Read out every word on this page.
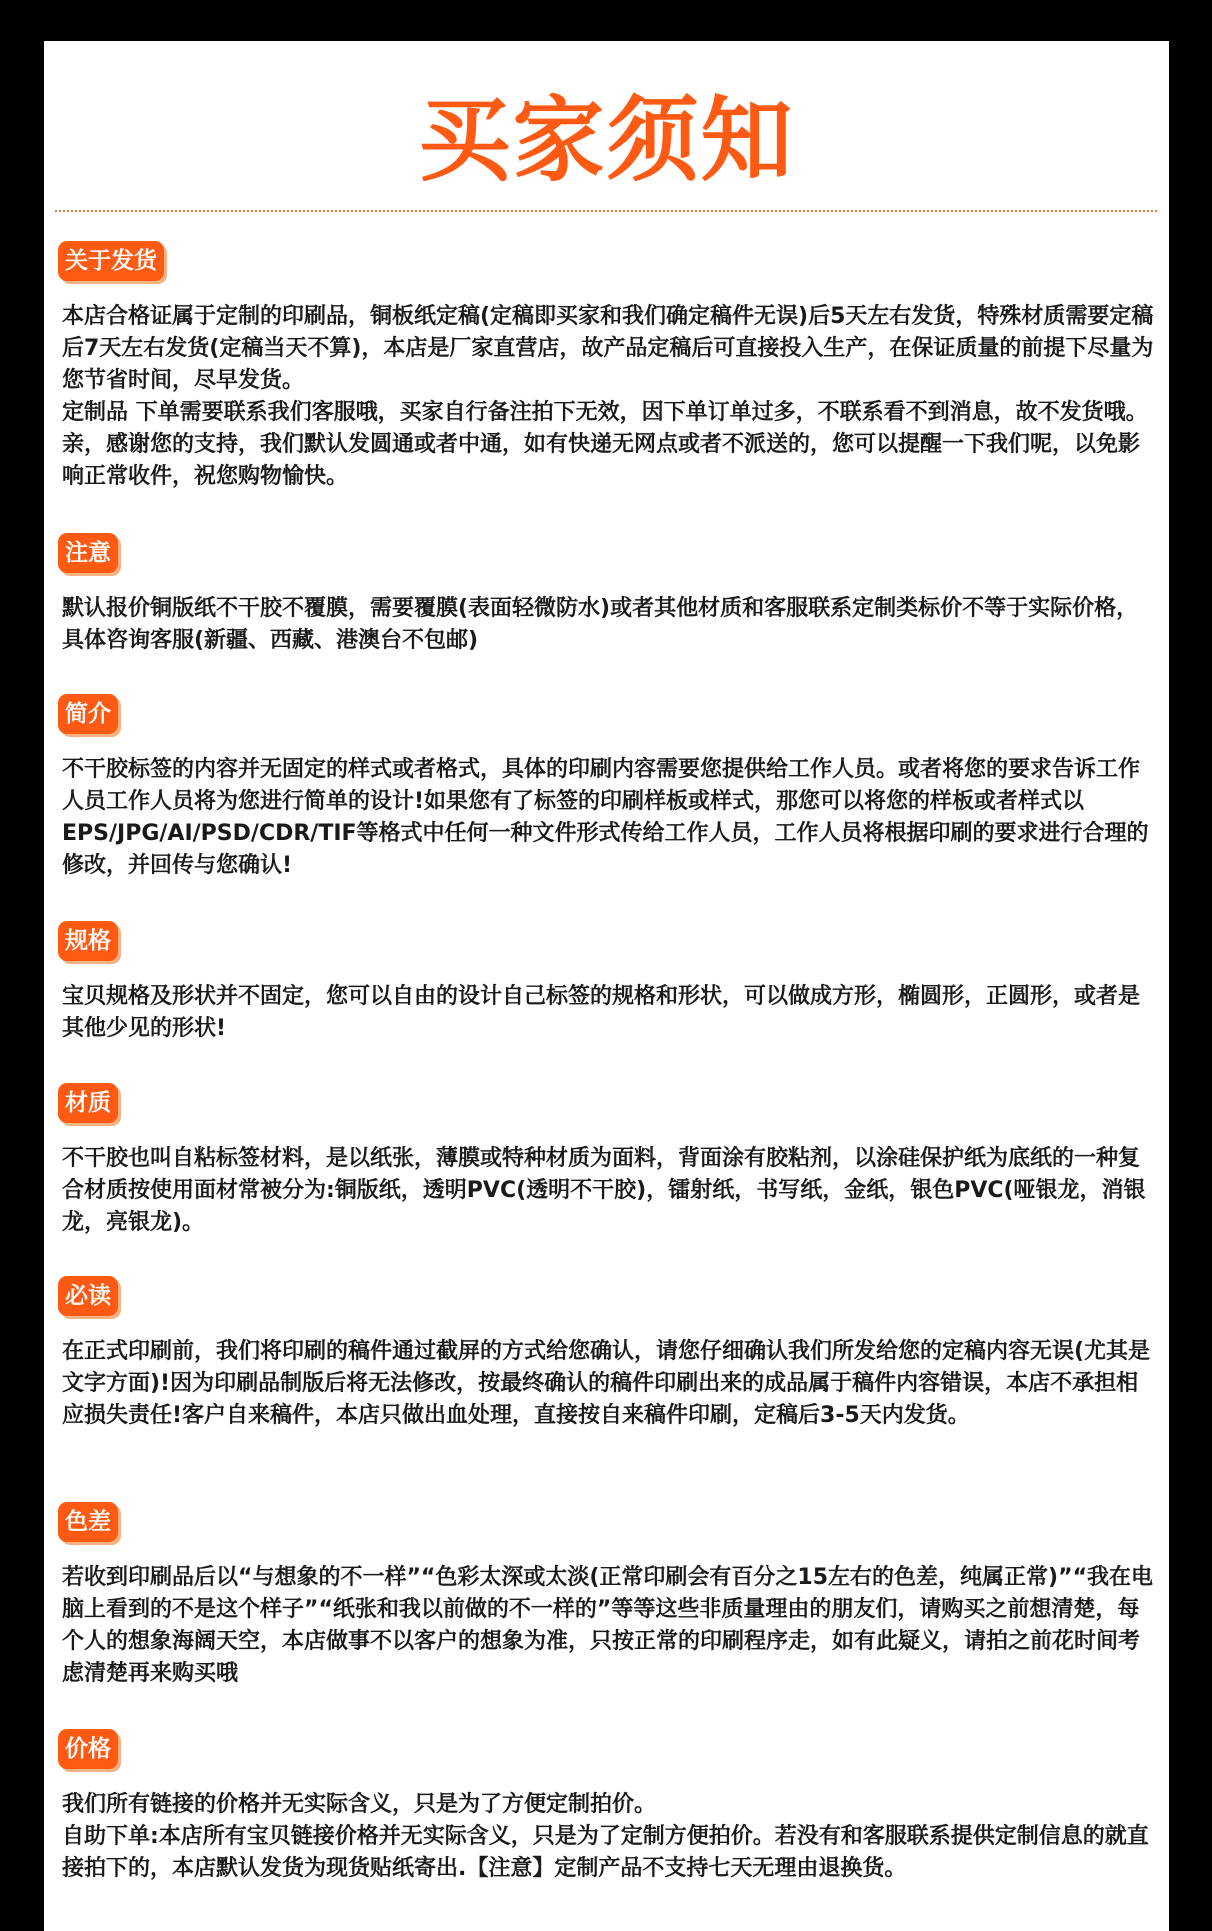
买家须知
关于发货

本店合格证属于定制的印刷品，铜板纸定稿(定稿即买家和我们确定稿件无误)后5天左右发货，特殊材质需要定稿后7天左右发货(定稿当天不算)，本店是厂家直营店，故产品定稿后可直接投入生产，在保证质量的前提下尽量为您节省时间，尽早发货。

定制品 下单需要联系我们客服哦，买家自行备注拍下无效，因下单订单过多，不联系看不到消息，故不发货哦。亲，感谢您的支持，我们默认发圆通或者中通，如有快递无网点或者不派送的，您可以提醒一下我们呢，以免影响正常收件，祝您购物愉快。

注意

默认报价铜版纸不干胶不覆膜，需要覆膜(表面轻微防水)或者其他材质和客服联系定制类标价不等于实际价格，具体咨询客服(新疆、西藏、港澳台不包邮)

简介

不干胶标签的内容并无固定的样式或者格式，具体的印刷内容需要您提供给工作人员。或者将您的要求告诉工作人员工作人员将为您进行简单的设计!如果您有了标签的印刷样板或样式，那您可以将您的样板或者样式以EPS/JPG/AI/PSD/CDR/TIF等格式中任何一种文件形式传给工作人员，工作人员将根据印刷的要求进行合理的修改，并回传与您确认!

规格

宝贝规格及形状并不固定，您可以自由的设计自己标签的规格和形状，可以做成方形，椭圆形，正圆形，或者是其他少见的形状!

材质

不干胶也叫自粘标签材料，是以纸张，薄膜或特种材质为面料，背面涂有胶粘剂，以涂硅保护纸为底纸的一种复合材质按使用面材常被分为:铜版纸，透明PVC(透明不干胶)，镭射纸，书写纸，金纸，银色PVC(哑银龙，消银龙，亮银龙)。

必读

在正式印刷前，我们将印刷的稿件通过截屏的方式给您确认，请您仔细确认我们所发给您的定稿内容无误(尤其是文字方面)!因为印刷品制版后将无法修改，按最终确认的稿件印刷出来的成品属于稿件内容错误，本店不承担相应损失责任!客户自来稿件，本店只做出血处理，直接按自来稿件印刷，定稿后3-5天内发货。

色差

若收到印刷品后以“与想象的不一样”“色彩太深或太淡(正常印刷会有百分之15左右的色差，纯属正常)”“我在电脑上看到的不是这个样子”“纸张和我以前做的不一样的”等等这些非质量理由的朋友们，请购买之前想清楚，每个人的想象海阔天空，本店做事不以客户的想象为准，只按正常的印刷程序走，如有此疑义，请拍之前花时间考虑清楚再来购买哦

价格

我们所有链接的价格并无实际含义，只是为了方便定制拍价。

自助下单:本店所有宝贝链接价格并无实际含义，只是为了定制方便拍价。若没有和客服联系提供定制信息的就直接拍下的，本店默认发货为现货贴纸寄出.【注意】定制产品不支持七天无理由退换货。
